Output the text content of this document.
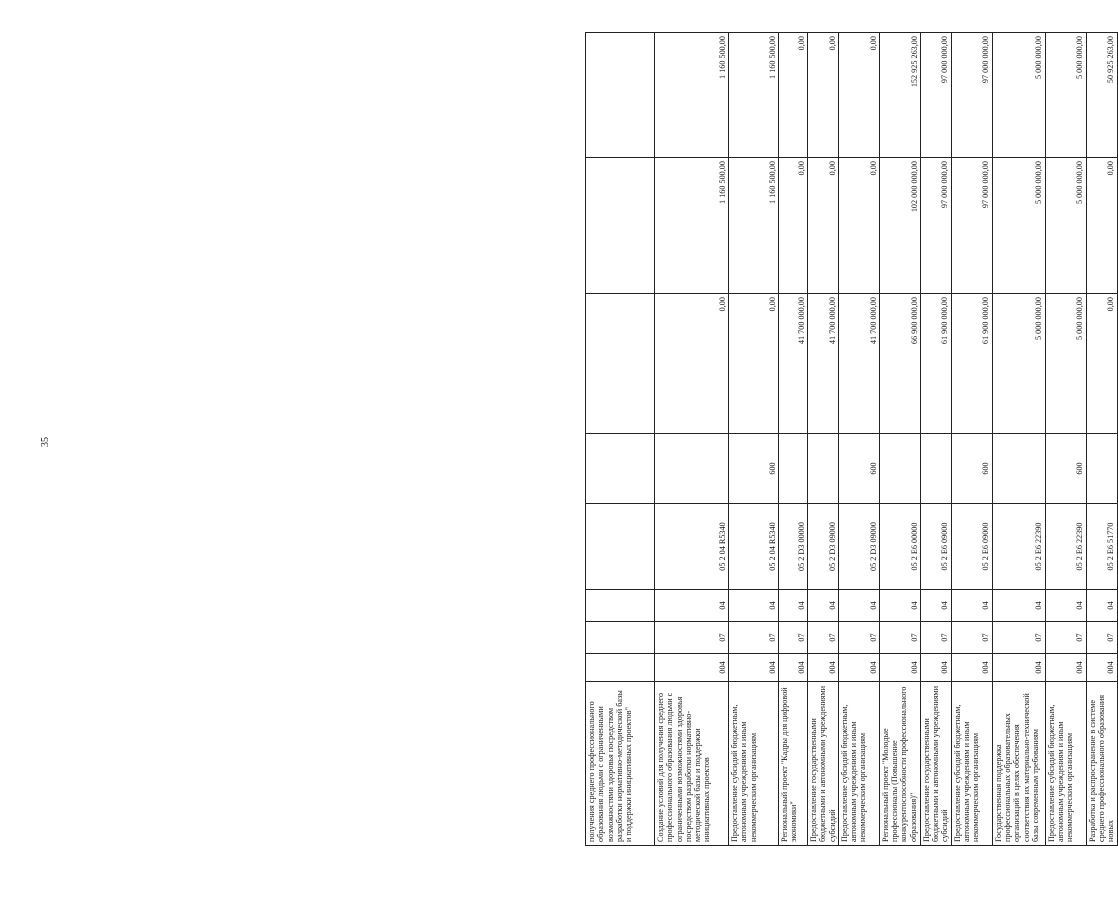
35
получения среднего профессионального образования людьми с ограниченными возможностями здоровья посредством разработки нормативно-методической базы и поддержки инициативных проектов"								
Создание условий для получения среднего профессионального образования людьми с ограниченными возможностями здоровья посредством разработки нормативно-методической базы и поддержки инициативных проектов	004	07	04	05 2 04 R5340		0,00	1 160 500,00	1 160 500,00
Предоставление субсидий бюджетным, автономным учреждениям и иным некоммерческим организациям	004	07	04	05 2 04 R5340	600	0,00	1 160 500,00	1 160 500,00
Региональный проект "Кадры для цифровой экономики"	004	07	04	05 2 D3 00000		41 700 000,00	0,00	0,00
Предоставление государственными бюджетными и автономными учреждениями субсидий	004	07	04	05 2 D3 09000		41 700 000,00	0,00	0,00
Предоставление субсидий бюджетным, автономным учреждениям и иным некоммерческим организациям	004	07	04	05 2 D3 09000	600	41 700 000,00	0,00	0,00
Региональный проект "Молодые профессионалы (Повышение конкурентоспособности профессионального образования)"	004	07	04	05 2 E6 00000		66 900 000,00	102 000 000,00	152 925 263,00
Предоставление государственными бюджетными и автономными учреждениями субсидий	004	07	04	05 2 E6 09000		61 900 000,00	97 000 000,00	97 000 000,00
Предоставление субсидий бюджетным, автономным учреждениям и иным некоммерческим организациям	004	07	04	05 2 E6 09000	600	61 900 000,00	97 000 000,00	97 000 000,00
Государственная поддержка профессиональных образовательных организаций в целях обеспечения соответствия их материально-технической базы современным требованиям	004	07	04	05 2 E6 22390		5 000 000,00	5 000 000,00	5 000 000,00
Предоставление субсидий бюджетным, автономным учреждениям и иным некоммерческим организациям	004	07	04	05 2 E6 22390	600	5 000 000,00	5 000 000,00	5 000 000,00
Разработка и распространение в системе среднего профессионального образования новых	004	07	04	05 2 E6 51770		0,00	0,00	50 925 263,00
